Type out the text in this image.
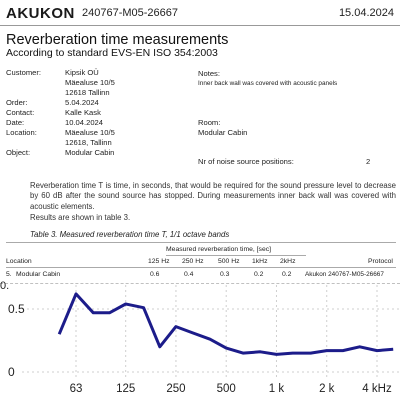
AKUKON 240767-M05-26667	15.04.2024
Reverberation time measurements
According to standard EVS-EN ISO 354:2003
Customer:	Kipsik OÜ
Mäealuse 10/5
12618 Tallinn
Order:	5.04.2024
Contact:	Kalle Kask
Date:	10.04.2024
Location:	Mäealuse 10/5
12618, Tallinn
Object:	Modular Cabin
Notes:
Inner back wall was covered with acoustic panels
Room:
Modular Cabin
Nr of noise source positions:	2
Reverberation time T is time, in seconds, that would be required for the sound pressure level to decrease by 60 dB after the sound source has stopped. During measurements inner back wall was covered with acoustic elements.
Results are shown in table 3.
Table 3. Measured reverberation time T, 1/1 octave bands
Measured reverberation time, [sec]
Location	125 Hz 250 Hz 500 Hz 1kHz 2kHz	Protocol
5. Modular Cabin	0.6	0.4	0.3	0.2	0.2 Akukon 240767-M05-26667
0.5
0
0.
63	125	250	500	1 k	2 k 4 kHz
